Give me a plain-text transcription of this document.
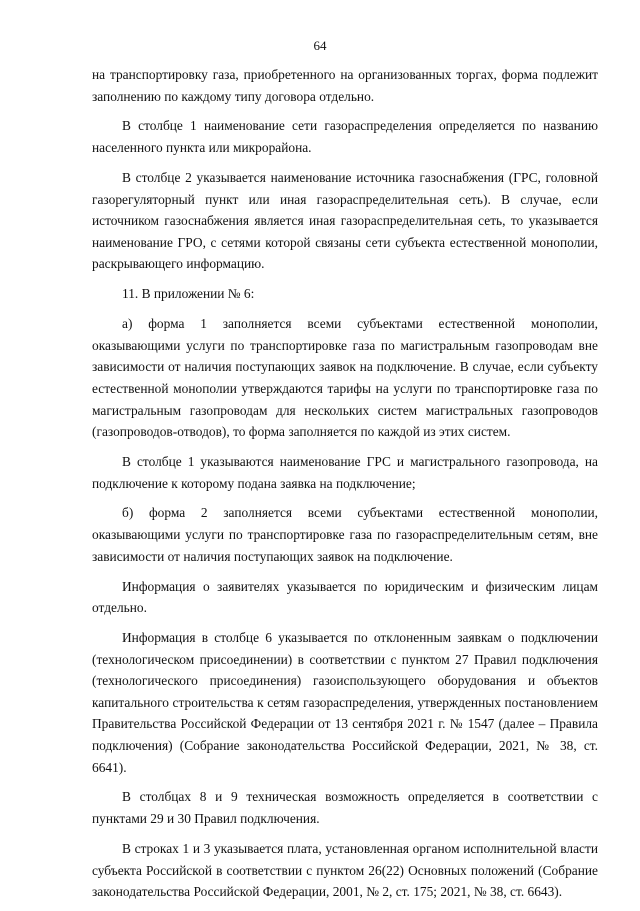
64

на транспортировку газа, приобретенного на организованных торгах, форма подлежит заполнению по каждому типу договора отдельно.

В столбце 1 наименование сети газораспределения определяется по названию населенного пункта или микрорайона.

В столбце 2 указывается наименование источника газоснабжения (ГРС, головной газорегуляторный пункт или иная газораспределительная сеть). В случае, если источником газоснабжения является иная газораспределительная сеть, то указывается наименование ГРО, с сетями которой связаны сети субъекта естественной монополии, раскрывающего информацию.

11. В приложении № 6:

а) форма 1 заполняется всеми субъектами естественной монополии, оказывающими услуги по транспортировке газа по магистральным газопроводам вне зависимости от наличия поступающих заявок на подключение. В случае, если субъекту естественной монополии утверждаются тарифы на услуги по транспортировке газа по магистральным газопроводам для нескольких систем магистральных газопроводов (газопроводов-отводов), то форма заполняется по каждой из этих систем.

В столбце 1 указываются наименование ГРС и магистрального газопровода, на подключение к которому подана заявка на подключение;

б) форма 2 заполняется всеми субъектами естественной монополии, оказывающими услуги по транспортировке газа по газораспределительным сетям, вне зависимости от наличия поступающих заявок на подключение.

Информация о заявителях указывается по юридическим и физическим лицам отдельно.

Информация в столбце 6 указывается по отклоненным заявкам о подключении (технологическом присоединении) в соответствии с пунктом 27 Правил подключения (технологического присоединения) газоиспользующего оборудования и объектов капитального строительства к сетям газораспределения, утвержденных постановлением Правительства Российской Федерации от 13 сентября 2021 г. № 1547 (далее – Правила подключения) (Собрание законодательства Российской Федерации, 2021, № 38, ст. 6641).

В столбцах 8 и 9 техническая возможность определяется в соответствии с пунктами 29 и 30 Правил подключения.

В строках 1 и 3 указывается плата, установленная органом исполнительной власти субъекта Российской в соответствии с пунктом 26(22) Основных положений (Собрание законодательства Российской Федерации, 2001, № 2, ст. 175; 2021, № 38, ст. 6643).
